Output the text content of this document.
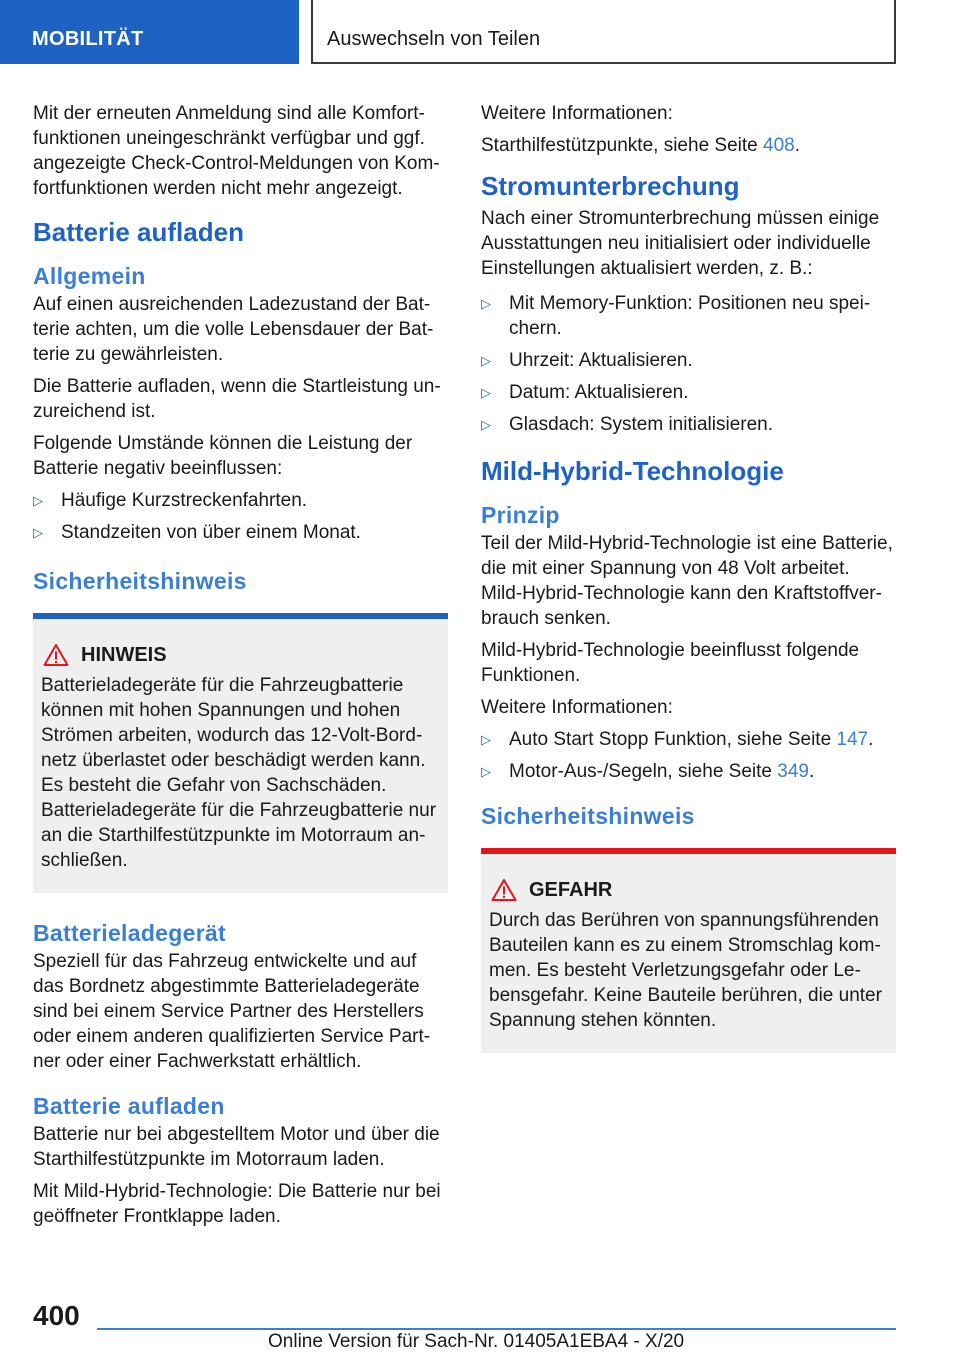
MOBILITÄT	Auswechseln von Teilen

Mit der erneuten Anmeldung sind alle Komfortfunktionen uneingeschränkt verfügbar und ggf. angezeigte Check-Control-Meldungen von Komfortfunktionen werden nicht mehr angezeigt.

Batterie aufladen
Allgemein

Auf einen ausreichenden Ladezustand der Batterie achten, um die volle Lebensdauer der Batterie zu gewährleisten.

Die Batterie aufladen, wenn die Startleistung unzureichend ist.

Folgende Umstände können die Leistung der Batterie negativ beeinflussen:

▷ Häufige Kurzstreckenfahrten.
▷ Standzeiten von über einem Monat.
Sicherheitshinweis
HINWEIS

Batterieladegeräte für die Fahrzeugbatterie können mit hohen Spannungen und hohen Strömen arbeiten, wodurch das 12-Volt-Bordnetz überlastet oder beschädigt werden kann. Es besteht die Gefahr von Sachschäden. Batterieladegeräte für die Fahrzeugbatterie nur an die Starthilfestützpunkte im Motorraum anschließen.

Batterieladegerät

Speziell für das Fahrzeug entwickelte und auf das Bordnetz abgestimmte Batterieladegeräte sind bei einem Service Partner des Herstellers oder einem anderen qualifizierten Service Partner oder einer Fachwerkstatt erhältlich.

Batterie aufladen

Batterie nur bei abgestelltem Motor und über die Starthilfestützpunkte im Motorraum laden.

Mit Mild-Hybrid-Technologie: Die Batterie nur bei geöffneter Frontklappe laden.

Weitere Informationen:

Starthilfestützpunkte, siehe Seite 408.

Stromunterbrechung

Nach einer Stromunterbrechung müssen einige Ausstattungen neu initialisiert oder individuelle Einstellungen aktualisiert werden, z. B.:

▷ Mit Memory-Funktion: Positionen neu speichern.
▷ Uhrzeit: Aktualisieren.
▷ Datum: Aktualisieren.
▷ Glasdach: System initialisieren.
Mild-Hybrid-Technologie
Prinzip

Teil der Mild-Hybrid-Technologie ist eine Batterie, die mit einer Spannung von 48 Volt arbeitet. Mild-Hybrid-Technologie kann den Kraftstoffverbrauch senken.

Mild-Hybrid-Technologie beeinflusst folgende Funktionen.

Weitere Informationen:

▷ Auto Start Stopp Funktion, siehe Seite 147.
▷ Motor-Aus-/Segeln, siehe Seite 349.
Sicherheitshinweis
GEFAHR

Durch das Berühren von spannungsführenden Bauteilen kann es zu einem Stromschlag kommen. Es besteht Verletzungsgefahr oder Lebensgefahr. Keine Bauteile berühren, die unter Spannung stehen könnten.

400
Online Version für Sach-Nr. 01405A1EBA4 - X/20
